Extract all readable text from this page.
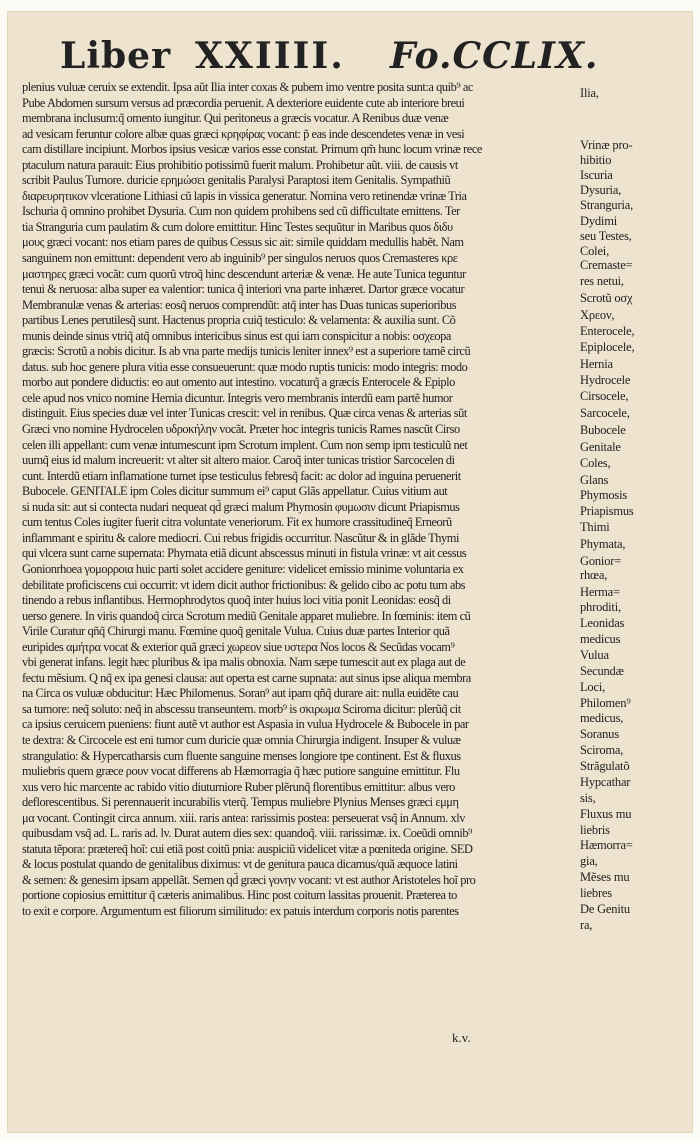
Liber XXIIII. Fo.CCLIX.
plenius vuluæ ceruix se extendit. Ipsa aũt Ilia inter coxas & pubem imo ventre posita sunt:a quib⁹ ac
Pube Abdomen sursum versus ad præcordia peruenit. A dexteriore euidente cute ab interiore breui
membrana inclusum:q̃ omento iungitur. Qui peritoneus a græcis vocatur. A Renibus duæ venæ
ad vesicam feruntur colore albæ quas græci κρηφίρας vocant: p̃ eas inde descendetes venæ in vesi
cam distillare incipiunt. Morbos ipsius vesicæ varios esse constat. Primum qm̃ hunc locum vrinæ rece
ptaculum natura parauit: Eius prohibitio potissimũ fuerit malum. Prohibetur aũt. viii. de causis vt
scribit Paulus Tumore. duricie ερημώσει genitalis Paralysi Paraptosi item Genitalis. Sympathiũ
διαρευρητικον vlceratione Lithiasi cũ lapis in vissica generatur. Nomina vero retinendæ vrinæ Tria
Ischuria q̃ omnino prohibet Dysuria. Cum non quidem prohibens sed cũ difficultate emittens. Ter
tia Stranguria cum paulatim & cum dolore emittitur. Hinc Testes sequũtur in Maribus quos διδυ
μους græci vocant: nos etiam pares de quibus Cessus sic ait: simile quiddam medullis habẽt. Nam
sanguinem non emittunt: dependent vero ab inguinib⁹ per singulos neruos quos Cremasteres κρε
μαστηρες græci vocãt: cum quorũ vtroq̃ hinc descendunt arteriæ & venæ. He aute Tunica teguntur
tenui & neruosa: alba super ea valentior: tunica q̃ interiori vna parte inhæret. Dartor græce vocatur
Membranulæ venas & arterias: eosq̃ neruos comprendũt: atq̃ inter has Duas tunicas superioribus
partibus Lenes perutilesq̃ sunt. Hactenus propria cuiq̃ testiculo: & velamenta: & auxilia sunt. Cõ
munis deinde sinus vtriq̃ atq̃ omnibus intericibus sinus est qui iam conspicitur a nobis: oσχεοpa
græcis: Scrotũ a nobis dicitur. Is ab vna parte medijs tunicis leniter innex⁹ est a superiore tamẽ circũ
datus. sub hoc genere plura vitia esse consueuerunt: quæ modo ruptis tunicis: modo integris: modo
morbo aut pondere diductis: eo aut omento aut intestino. vocaturq̃ a græcis Enterocele & Epiplo
cele apud nos vnico nomine Hernia dicuntur. Integris vero membranis interdũ eam partẽ humor
distinguit. Eius species duæ vel inter Tunicas crescit: vel in renibus. Quæ circa venas & arterias sũt
Græci vno nomine Hydrocelen υδροκήλην vocãt. Præter hoc integris tunicis Rames nascũt Cirso
celen illi appellant: cum venæ intumescunt ipm Scrotum implent. Cum non semp ipm testiculũ net
uumq̃ eius id malum increuerit: vt alter sit altero maior. Caroq̃ inter tunicas tristior Sarcocelen di
cunt. Interdũ etiam inflamatione tumet ipse testiculus febresq̃ facit: ac dolor ad inguina peruenerit
Bubocele. GENITALE ipm Coles dicitur summum ei⁹ caput Glãs appellatur. Cuius vitium aut
si nuda sit: aut si contecta nudari nequeat qd̃ græci malum Phymosin φυμωσιν dicunt Priapismus
cum tentus Coles iugiter fuerit citra voluntate veneriorum. Fit ex humore crassitudineq̃ Erneorũ
inflammant e spiritu & calore mediocri. Cui rebus frigidis occurritur. Nascũtur & in glãde Thymi
qui vlcera sunt carne supernata: Phymata etiã dicunt abscessus minuti in fistula vrinæ: vt ait cessus
Gonionrhoea γομορροια huic parti solet accidere geniture: videlicet emissio minime voluntaria ex
debilitate proficiscens cui occurrit: vt idem dicit author frictionibus: & gelido cibo ac potu tum abs
tinendo a rebus inflantibus. Hermophrodytos quoq̃ inter huius loci vitia ponit Leonidas: eosq̃ di
uerso genere. In viris quandoq̃ circa Scrotum mediũ Genitale apparet muliebre. In fœminis: item cũ
Virile Curatur qñq̃ Chirurgi manu. Fœmine quoq̃ genitale Vulua. Cuius duæ partes Interior quã
euripides αμήτρα vocat & exterior quã græci χωρεον siue υστερα Nos locos & Secũdas vocam⁹
vbi generat infans. legit hæc pluribus & ipa malis obnoxia. Nam sæpe tumescit aut ex plaga aut de
fectu mẽsium. Q nq̃ ex ipa genesi clausa: aut operta est carne supnata: aut sinus ipse aliqua membra
na Circa os vuluæ obducitur: Hæc Philomenus. Soran⁹ aut ipam qñq̃ durare ait: nulla euidẽte cau
sa tumore: neq̃ soluto: neq̃ in abscessu transeuntem. morb⁹ is σκιρωμα Sciroma dicitur: plerũq̃ cit
ca ipsius ceruicem pueniens: fiunt autẽ vt author est Aspasia in vulua Hydrocele & Bubocele in par
te dextra: & Circocele est eni tumor cum duricie quæ omnia Chirurgia indigent. Insuper & vuluæ
strangulatio: & Hypercatharsis cum fluente sanguine menses longiore tpe continent. Est & fluxus
muliebris quem græce ρουν vocat differens ab Hæmorragia q̃ hæc putiore sanguine emittitur. Flu
xus vero hic marcente ac rabido vitio diuturniore Ruber plẽrunq̃ florentibus emittitur: albus vero
deflorescentibus. Si perennauerit incurabilis vterq̃. Tempus muliebre Plynius Menses græci εμμη
μα vocant. Contingit circa annum. xiii. raris antea: rarissimis postea: perseuerat vsq̃ in Annum. xlv
quibusdam vsq̃ ad. L. raris ad. lv. Durat autem dies sex: quandoq̃. viii. rarissimæ. ix. Coeũdi omnib⁹
statuta tẽpora: prætereq̃ hoĩ: cui etiã post coitũ pnia: auspiciũ videlicet vitæ a pœniteda origine. SED
& locus postulat quando de genitalibus diximus: vt de genitura pauca dicamus/quã æquoce latini
& semen: & genesim ipsam appellãt. Semen qd̃ græci γονην vocant: vt est author Aristoteles hoĩ pro
portione copiosius emittitur q̃ cæteris animalibus. Hinc post coitum lassitas prouenit. Præterea to
to exit e corpore. Argumentum est filiorum similitudo: ex patuis interdum corporis notis parentes
Ilia,
Vrinæ pro-
hibitio
Iscuria
Dysuria,
Stranguria,
Dydimi
seu Testes,
Colei,
Cremaste=
res netui,
Scrotũ oσχ
Χρεον,
Enterocele,
Epiplocele,
Hernia
Hydrocele
Cirsocele,
Sarcocele,
Bubocele
Genitale
Coles,
Glans
Phymosis
Priapismus
Thimi
Phymata,
Gonior=
rhœa,
Herma=
phroditi,
Leonidas
medicus
Vulua
Secundæ
Loci,
Philomen⁹
medicus,
Soranus
Sciroma,
Strãgulatõ
Hypcathar
sis,
Fluxus mu
liebris
Hæmorra=
gia,
Mẽses mu
liebres
De Genitu
ra,
k.v.
